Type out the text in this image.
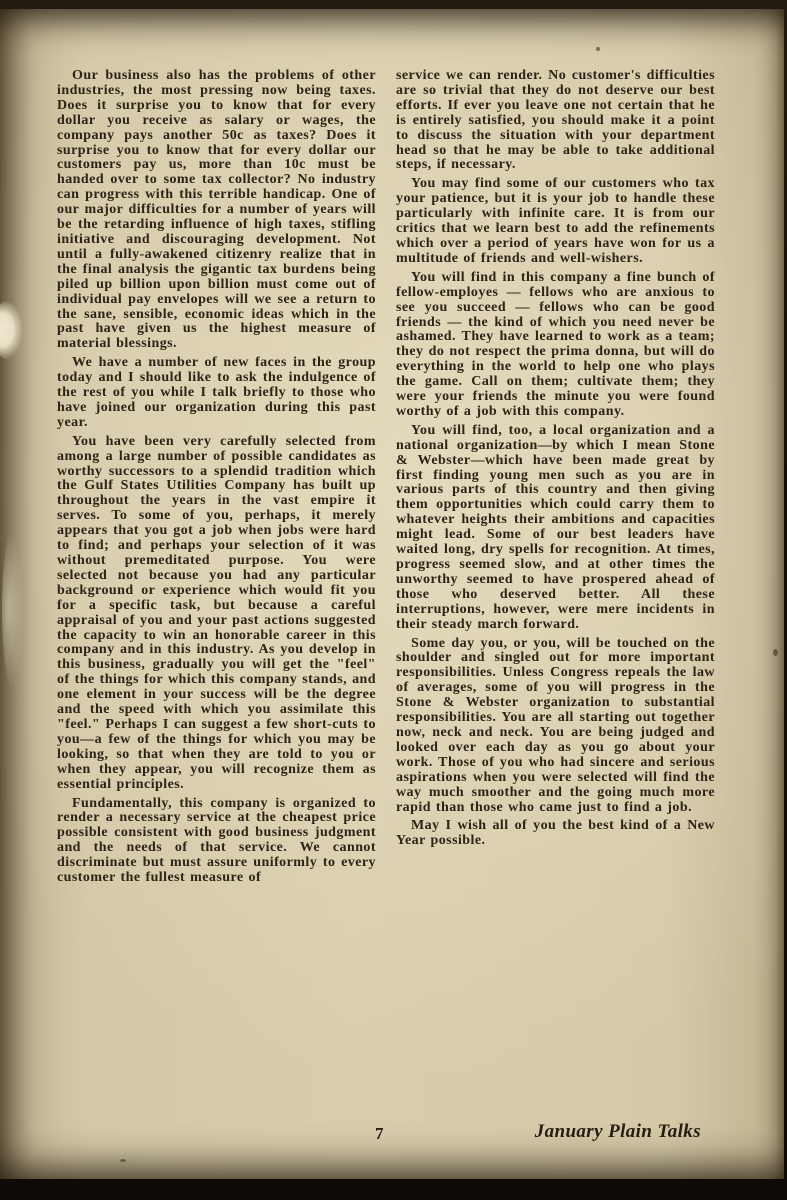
Our business also has the problems of other industries, the most pressing now being taxes. Does it surprise you to know that for every dollar you receive as salary or wages, the company pays another 50c as taxes? Does it surprise you to know that for every dollar our customers pay us, more than 10c must be handed over to some tax collector? No industry can progress with this terrible handicap. One of our major difficulties for a number of years will be the retarding influence of high taxes, stifling initiative and discouraging development. Not until a fully-awakened citizenry realize that in the final analysis the gigantic tax burdens being piled up billion upon billion must come out of individual pay envelopes will we see a return to the sane, sensible, economic ideas which in the past have given us the highest measure of material blessings.

We have a number of new faces in the group today and I should like to ask the indulgence of the rest of you while I talk briefly to those who have joined our organization during this past year.

You have been very carefully selected from among a large number of possible candidates as worthy successors to a splendid tradition which the Gulf States Utilities Company has built up throughout the years in the vast empire it serves. To some of you, perhaps, it merely appears that you got a job when jobs were hard to find; and perhaps your selection of it was without premeditated purpose. You were selected not because you had any particular background or experience which would fit you for a specific task, but because a careful appraisal of you and your past actions suggested the capacity to win an honorable career in this company and in this industry. As you develop in this business, gradually you will get the "feel" of the things for which this company stands, and one element in your success will be the degree and the speed with which you assimilate this "feel." Perhaps I can suggest a few short-cuts to you—a few of the things for which you may be looking, so that when they are told to you or when they appear, you will recognize them as essential principles.

Fundamentally, this company is organized to render a necessary service at the cheapest price possible consistent with good business judgment and the needs of that service. We cannot discriminate but must assure uniformly to every customer the fullest measure of

service we can render. No customer's difficulties are so trivial that they do not deserve our best efforts. If ever you leave one not certain that he is entirely satisfied, you should make it a point to discuss the situation with your department head so that he may be able to take additional steps, if necessary.

You may find some of our customers who tax your patience, but it is your job to handle these particularly with infinite care. It is from our critics that we learn best to add the refinements which over a period of years have won for us a multitude of friends and well-wishers.

You will find in this company a fine bunch of fellow-employes — fellows who are anxious to see you succeed — fellows who can be good friends — the kind of which you need never be ashamed. They have learned to work as a team; they do not respect the prima donna, but will do everything in the world to help one who plays the game. Call on them; cultivate them; they were your friends the minute you were found worthy of a job with this company.

You will find, too, a local organization and a national organization—by which I mean Stone & Webster—which have been made great by first finding young men such as you are in various parts of this country and then giving them opportunities which could carry them to whatever heights their ambitions and capacities might lead. Some of our best leaders have waited long, dry spells for recognition. At times, progress seemed slow, and at other times the unworthy seemed to have prospered ahead of those who deserved better. All these interruptions, however, were mere incidents in their steady march forward.

Some day you, or you, will be touched on the shoulder and singled out for more important responsibilities. Unless Congress repeals the law of averages, some of you will progress in the Stone & Webster organization to substantial responsibilities. You are all starting out together now, neck and neck. You are being judged and looked over each day as you go about your work. Those of you who had sincere and serious aspirations when you were selected will find the way much smoother and the going much more rapid than those who came just to find a job.

May I wish all of you the best kind of a New Year possible.

7	January Plain Talks
